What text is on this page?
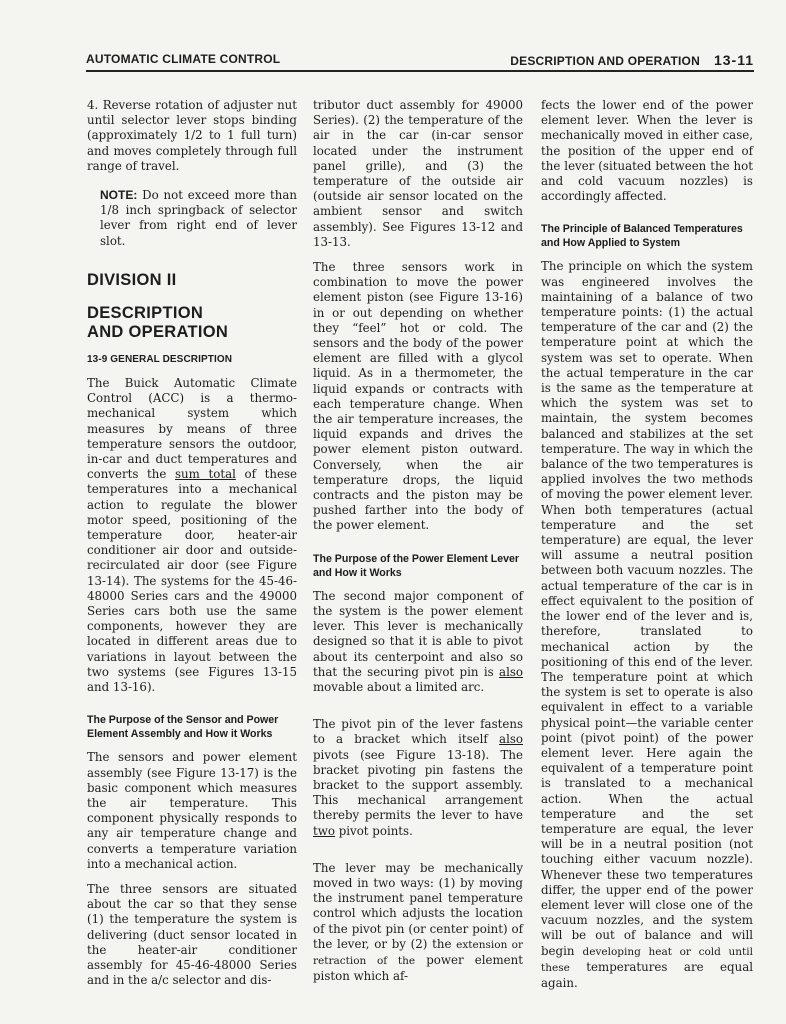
AUTOMATIC CLIMATE CONTROL	DESCRIPTION AND OPERATION 13-11

4. Reverse rotation of adjuster nut until selector lever stops binding (approximately 1/2 to 1 full turn) and moves completely through full range of travel.

NOTE: Do not exceed more than 1/8 inch springback of selector lever from right end of lever slot.

DIVISION II
DESCRIPTION
AND OPERATION
13-9 GENERAL DESCRIPTION

The Buick Automatic Climate Control (ACC) is a thermo-mechanical system which measures by means of three temperature sensors the outdoor, in-car and duct temperatures and converts the sum total of these temperatures into a mechanical action to regulate the blower motor speed, positioning of the temperature door, heater-air conditioner air door and outside-recirculated air door (see Figure 13-14). The systems for the 45-46-48000 Series cars and the 49000 Series cars both use the same components, however they are located in different areas due to variations in layout between the two systems (see Figures 13-15 and 13-16).

The Purpose of the Sensor and Power Element Assembly and How it Works

The sensors and power element assembly (see Figure 13-17) is the basic component which measures the air temperature. This component physically responds to any air temperature change and converts a temperature variation into a mechanical action.

The three sensors are situated about the car so that they sense (1) the temperature the system is delivering (duct sensor located in the heater-air conditioner assembly for 45-46-48000 Series and in the a/c selector and dis-

tributor duct assembly for 49000 Series). (2) the temperature of the air in the car (in-car sensor located under the instrument panel grille), and (3) the temperature of the outside air (outside air sensor located on the ambient sensor and switch assembly). See Figures 13-12 and 13-13.

The three sensors work in combination to move the power element piston (see Figure 13-16) in or out depending on whether they “feel” hot or cold. The sensors and the body of the power element are filled with a glycol liquid. As in a thermometer, the liquid expands or contracts with each temperature change. When the air temperature increases, the liquid expands and drives the power element piston outward. Conversely, when the air temperature drops, the liquid contracts and the piston may be pushed farther into the body of the power element.

The Purpose of the Power Element Lever and How it Works

The second major component of the system is the power element lever. This lever is mechanically designed so that it is able to pivot about its centerpoint and also so that the securing pivot pin is also movable about a limited arc.

The pivot pin of the lever fastens to a bracket which itself also pivots (see Figure 13-18). The bracket pivoting pin fastens the bracket to the support assembly. This mechanical arrangement thereby permits the lever to have two pivot points.

The lever may be mechanically moved in two ways: (1) by moving the instrument panel temperature control which adjusts the location of the pivot pin (or center point) of the lever, or by (2) the extension or retraction of the power element piston which af-

fects the lower end of the power element lever. When the lever is mechanically moved in either case, the position of the upper end of the lever (situated between the hot and cold vacuum nozzles) is accordingly affected.

The Principle of Balanced Temperatures and How Applied to System

The principle on which the system was engineered involves the maintaining of a balance of two temperature points: (1) the actual temperature of the car and (2) the temperature point at which the system was set to operate. When the actual temperature in the car is the same as the temperature at which the system was set to maintain, the system becomes balanced and stabilizes at the set temperature. The way in which the balance of the two temperatures is applied involves the two methods of moving the power element lever. When both temperatures (actual temperature and the set temperature) are equal, the lever will assume a neutral position between both vacuum nozzles. The actual temperature of the car is in effect equivalent to the position of the lower end of the lever and is, therefore, translated to mechanical action by the positioning of this end of the lever. The temperature point at which the system is set to operate is also equivalent in effect to a variable physical point—the variable center point (pivot point) of the power element lever. Here again the equivalent of a temperature point is translated to a mechanical action. When the actual temperature and the set temperature are equal, the lever will be in a neutral position (not touching either vacuum nozzle). Whenever these two temperatures differ, the upper end of the power element lever will close one of the vacuum nozzles, and the system will be out of balance and will begin developing heat or cold until these temperatures are equal again.
